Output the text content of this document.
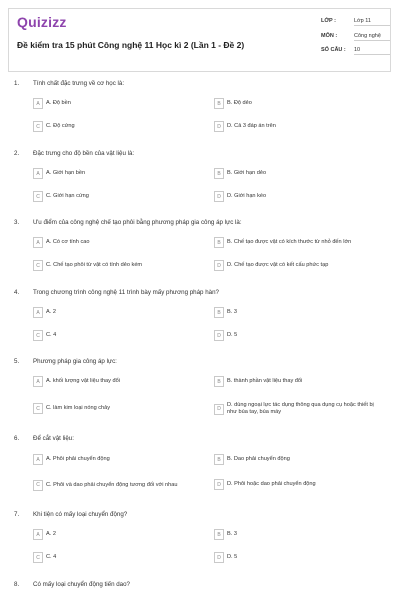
Quizizz
Đề kiểm tra 15 phút Công nghệ 11 Học kì 2 (Lần 1 - Đề 2)
LỚP :	Lớp 11
MÔN :	Công nghệ
SỐ CÂU : 10
1. Tính chất đặc trưng về cơ học là:
A	A. Độ bền	B	B. Độ dẻo
C	C. Độ cứng	D	D. Cả 3 đáp án trên
2. Đặc trưng cho độ bền của vật liệu là:
A	A. Giới hạn bền	B	B. Giới hạn dẻo
C	C. Giới hạn cứng	D	D. Giới hạn kéo
3. Ưu điểm của công nghệ chế tạo phôi bằng phương pháp gia công áp lực là:
A	A. Có cơ tính cao	B	B. Chế tạo được vật có kích thước từ nhỏ đến lớn
C	C. Chế tạo phôi từ vật có tính dẻo kém	D	D. Chế tạo được vật có kết cấu phức tạp
4. Trong chương trình công nghệ 11 trình bày mấy phương pháp hàn?
A	A. 2	B	B. 3
C	C. 4	D	D. 5
5. Phương pháp gia công áp lực:
A	A. khối lượng vật liệu thay đổi	B	B. thành phần vật liệu thay đổi
C	C. làm kim loại nóng chảy	D
D. dùng ngoại lực tác dụng thông qua dụng cụ hoặc thiết bị như búa tay, búa máy
6. Để cắt vật liệu:
A	A. Phôi phải chuyển động	B	B. Dao phải chuyển động
C	C. Phôi và dao phải chuyển động tương đối với nhau	D	D. Phôi hoặc dao phải chuyển động
7. Khi tiện có mấy loại chuyển động?
A	A. 2	B	B. 3
C	C. 4	D	D. 5
8. Có mấy loại chuyển động tiến dao?
